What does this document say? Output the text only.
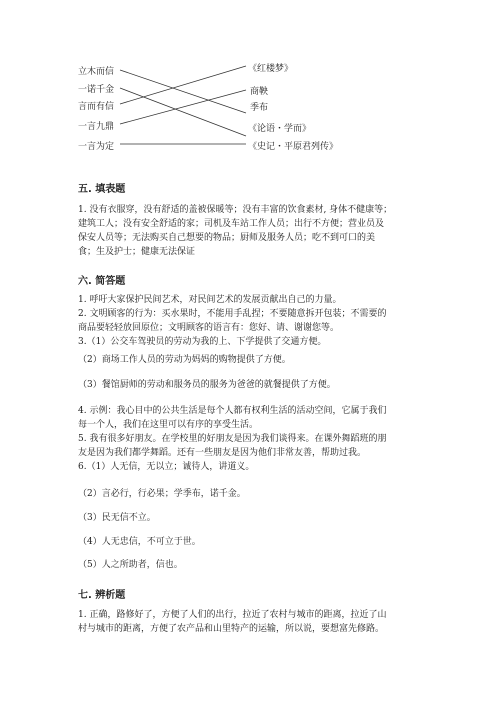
立木而信
一诺千金
言而有信
一言九鼎
一言为定
《红楼梦》
商鞅
季布
《论语・学而》
《史记・平原君列传》
五. 填表题
1. 没有衣服穿，没有舒适的盖被保暖等；没有丰富的饮食素材, 身体不健康等；
建筑工人；没有安全舒适的家；司机及车站工作人员；出行不方便；营业员及
保安人员等；无法购买自己想要的物品；厨师及服务人员；吃不到可口的美
食；生及护士；健康无法保证
六. 简答题
1. 呼吁大家保护民间艺术，对民间艺术的发展贡献出自己的力量。
2. 文明顾客的行为：买水果时，不能用手乱捏；不要随意拆开包装；不需要的
商品要轻轻放回原位；文明顾客的语言有：您好、请、谢谢您等。
3.（1）公交车驾驶员的劳动为我的上、下学提供了交通方便。
（2）商场工作人员的劳动为妈妈的购物提供了方便。
（3）餐馆厨师的劳动和服务员的服务为爸爸的就餐提供了方便。
4. 示例：我心目中的公共生活是每个人都有权利生活的活动空间，它属于我们
每一个人，我们在这里可以有序的享受生活。
5. 我有很多好朋友。在学校里的好朋友是因为我们谈得来。在课外舞蹈班的朋
友是因为我们都学舞蹈。还有一些朋友是因为他们非常友善，帮助过我。
6.（1）人无信，无以立；诚待人，讲道义。
（2）言必行，行必果；学季布，诺千金。
（3）民无信不立。
（4）人无忠信，不可立于世。
（5）人之所助者，信也。
七. 辨析题
1. 正确，路修好了，方便了人们的出行，拉近了农村与城市的距离，拉近了山
村与城市的距离，方便了农产品和山里特产的运输，所以说，要想富先修路。
